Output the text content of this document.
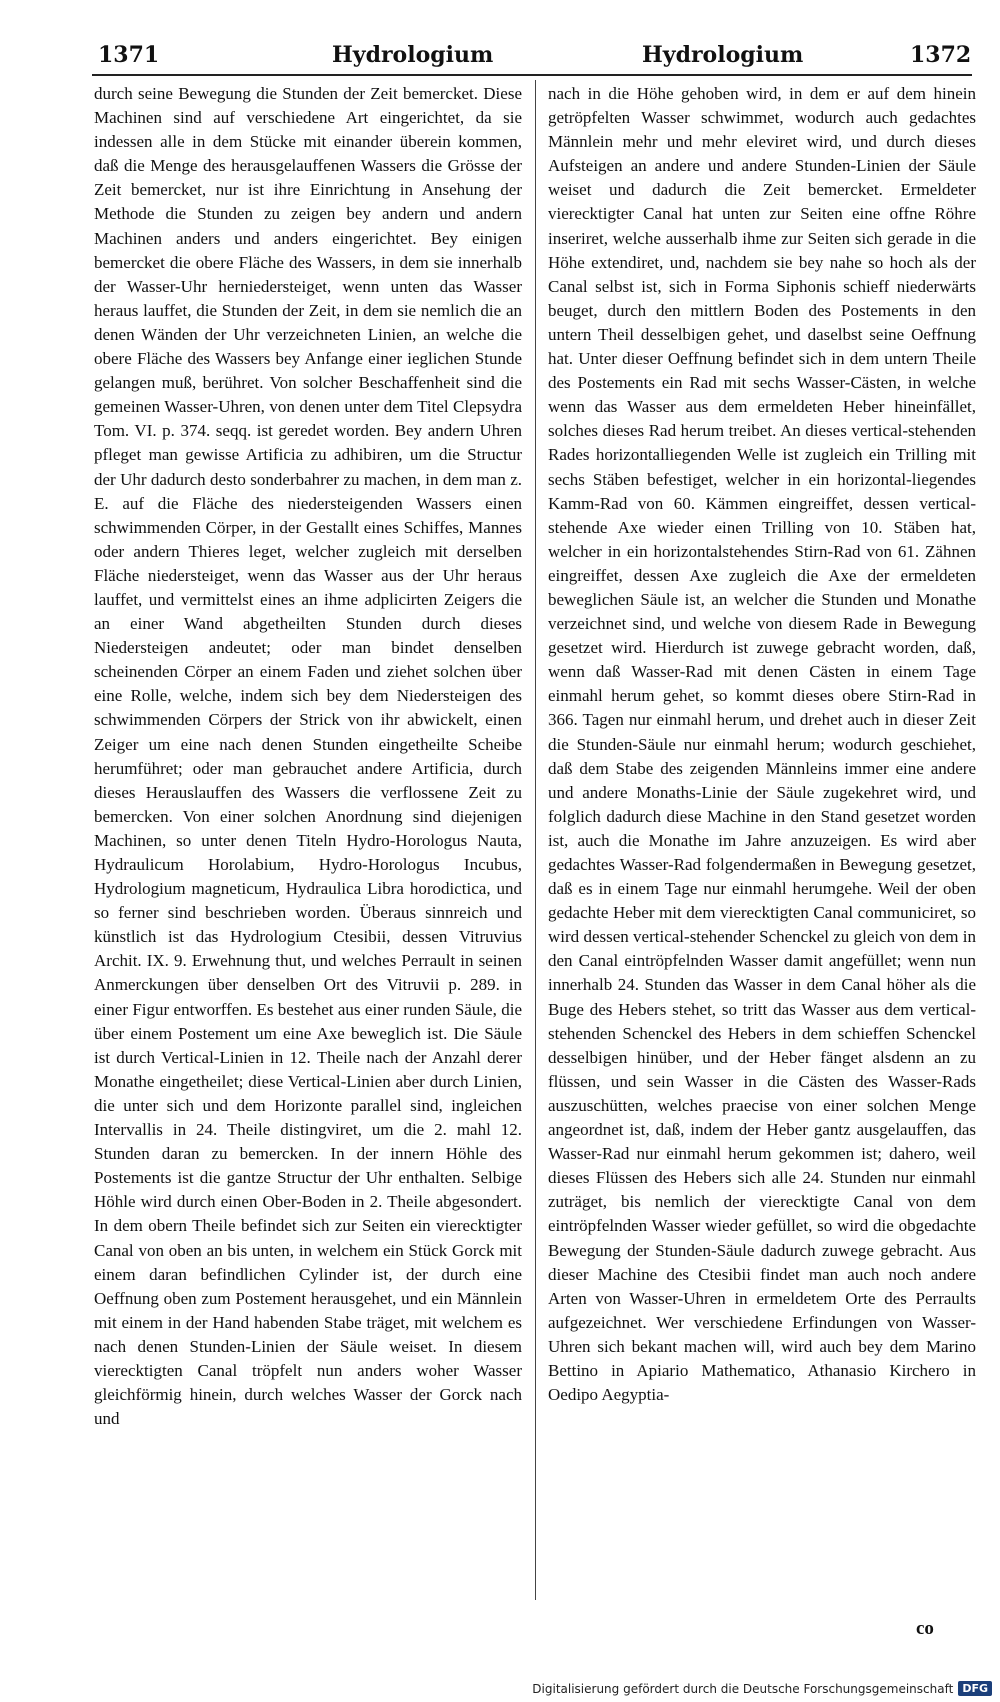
1371	Hydrologium	Hydrologium	1372

durch seine Bewegung die Stunden der Zeit bemercket. Diese Machinen sind auf verschiedene Art eingerichtet, da sie indessen alle in dem Stücke mit einander überein kommen, daß die Menge des herausgelauffenen Wassers die Grösse der Zeit bemercket, nur ist ihre Einrichtung in Ansehung der Methode die Stunden zu zeigen bey andern und andern Machinen anders und anders eingerichtet. Bey einigen bemercket die obere Fläche des Wassers, in dem sie innerhalb der Wasser-Uhr herniedersteiget, wenn unten das Wasser heraus lauffet, die Stunden der Zeit, in dem sie nemlich die an denen Wänden der Uhr verzeichneten Linien, an welche die obere Fläche des Wassers bey Anfange einer ieglichen Stunde gelangen muß, berühret. Von solcher Beschaffenheit sind die gemeinen Wasser-Uhren, von denen unter dem Titel Clepsydra Tom. VI. p. 374. seqq. ist geredet worden. Bey andern Uhren pfleget man gewisse Artificia zu adhibiren, um die Structur der Uhr dadurch desto sonderbahrer zu machen, in dem man z. E. auf die Fläche des niedersteigenden Wassers einen schwimmenden Cörper, in der Gestallt eines Schiffes, Mannes oder andern Thieres leget, welcher zugleich mit derselben Fläche niedersteiget, wenn das Wasser aus der Uhr heraus lauffet, und vermittelst eines an ihme adplicirten Zeigers die an einer Wand abgetheilten Stunden durch dieses Niedersteigen andeutet; oder man bindet denselben scheinenden Cörper an einem Faden und ziehet solchen über eine Rolle, welche, indem sich bey dem Niedersteigen des schwimmenden Cörpers der Strick von ihr abwickelt, einen Zeiger um eine nach denen Stunden eingetheilte Scheibe herumführet; oder man gebrauchet andere Artificia, durch dieses Herauslauffen des Wassers die verflossene Zeit zu bemercken. Von einer solchen Anordnung sind diejenigen Machinen, so unter denen Titeln Hydro-Horologus Nauta, Hydraulicum Horolabium, Hydro-Horologus Incubus, Hydrologium magneticum, Hydraulica Libra horodictica, und so ferner sind beschrieben worden. Überaus sinnreich und künstlich ist das Hydrologium Ctesibii, dessen Vitruvius Archit. IX. 9. Erwehnung thut, und welches Perrault in seinen Anmerckungen über denselben Ort des Vitruvii p. 289. in einer Figur entworffen. Es bestehet aus einer runden Säule, die über einem Postement um eine Axe beweglich ist. Die Säule ist durch Vertical-Linien in 12. Theile nach der Anzahl derer Monathe eingetheilet; diese Vertical-Linien aber durch Linien, die unter sich und dem Horizonte parallel sind, ingleichen Intervallis in 24. Theile distingviret, um die 2. mahl 12. Stunden daran zu bemercken. In der innern Höhle des Postements ist die gantze Structur der Uhr enthalten. Selbige Höhle wird durch einen Ober-Boden in 2. Theile abgesondert. In dem obern Theile befindet sich zur Seiten ein vierecktigter Canal von oben an bis unten, in welchem ein Stück Gorck mit einem daran befindlichen Cylinder ist, der durch eine Oeffnung oben zum Postement herausgehet, und ein Männlein mit einem in der Hand habenden Stabe träget, mit welchem es nach denen Stunden-Linien der Säule weiset. In diesem vierecktigten Canal tröpfelt nun anders woher Wasser gleichförmig hinein, durch welches Wasser der Gorck nach und

nach in die Höhe gehoben wird, in dem er auf dem hinein getröpfelten Wasser schwimmet, wodurch auch gedachtes Männlein mehr und mehr eleviret wird, und durch dieses Aufsteigen an andere und andere Stunden-Linien der Säule weiset und dadurch die Zeit bemercket. Ermeldeter vierecktigter Canal hat unten zur Seiten eine offne Röhre inseriret, welche ausserhalb ihme zur Seiten sich gerade in die Höhe extendiret, und, nachdem sie bey nahe so hoch als der Canal selbst ist, sich in Forma Siphonis schieff niederwärts beuget, durch den mittlern Boden des Postements in den untern Theil desselbigen gehet, und daselbst seine Oeffnung hat. Unter dieser Oeffnung befindet sich in dem untern Theile des Postements ein Rad mit sechs Wasser-Cästen, in welche wenn das Wasser aus dem ermeldeten Heber hineinfället, solches dieses Rad herum treibet. An dieses vertical-stehenden Rades horizontalliegenden Welle ist zugleich ein Trilling mit sechs Stäben befestiget, welcher in ein horizontal-liegendes Kamm-Rad von 60. Kämmen eingreiffet, dessen vertical-stehende Axe wieder einen Trilling von 10. Stäben hat, welcher in ein horizontalstehendes Stirn-Rad von 61. Zähnen eingreiffet, dessen Axe zugleich die Axe der ermeldeten beweglichen Säule ist, an welcher die Stunden und Monathe verzeichnet sind, und welche von diesem Rade in Bewegung gesetzet wird. Hierdurch ist zuwege gebracht worden, daß, wenn daß Wasser-Rad mit denen Cästen in einem Tage einmahl herum gehet, so kommt dieses obere Stirn-Rad in 366. Tagen nur einmahl herum, und drehet auch in dieser Zeit die Stunden-Säule nur einmahl herum; wodurch geschiehet, daß dem Stabe des zeigenden Männleins immer eine andere und andere Monaths-Linie der Säule zugekehret wird, und folglich dadurch diese Machine in den Stand gesetzet worden ist, auch die Monathe im Jahre anzuzeigen. Es wird aber gedachtes Wasser-Rad folgendermaßen in Bewegung gesetzet, daß es in einem Tage nur einmahl herumgehe. Weil der oben gedachte Heber mit dem vierecktigten Canal communiciret, so wird dessen vertical-stehender Schenckel zu gleich von dem in den Canal eintröpfelnden Wasser damit angefüllet; wenn nun innerhalb 24. Stunden das Wasser in dem Canal höher als die Buge des Hebers stehet, so tritt das Wasser aus dem vertical-stehenden Schenckel des Hebers in dem schieffen Schenckel desselbigen hinüber, und der Heber fänget alsdenn an zu flüssen, und sein Wasser in die Cästen des Wasser-Rads auszuschütten, welches praecise von einer solchen Menge angeordnet ist, daß, indem der Heber gantz ausgelauffen, das Wasser-Rad nur einmahl herum gekommen ist; dahero, weil dieses Flüssen des Hebers sich alle 24. Stunden nur einmahl zuträget, bis nemlich der vierecktigte Canal von dem eintröpfelnden Wasser wieder gefüllet, so wird die obgedachte Bewegung der Stunden-Säule dadurch zuwege gebracht. Aus dieser Machine des Ctesibii findet man auch noch andere Arten von Wasser-Uhren in ermeldetem Orte des Perraults aufgezeichnet. Wer verschiedene Erfindungen von Wasser-Uhren sich bekant machen will, wird auch bey dem Marino Bettino in Apiario Mathematico, Athanasio Kirchero in Oedipo Aegyptia-

co
Digitalisierung gefördert durch die Deutsche Forschungsgemeinschaft DFG
